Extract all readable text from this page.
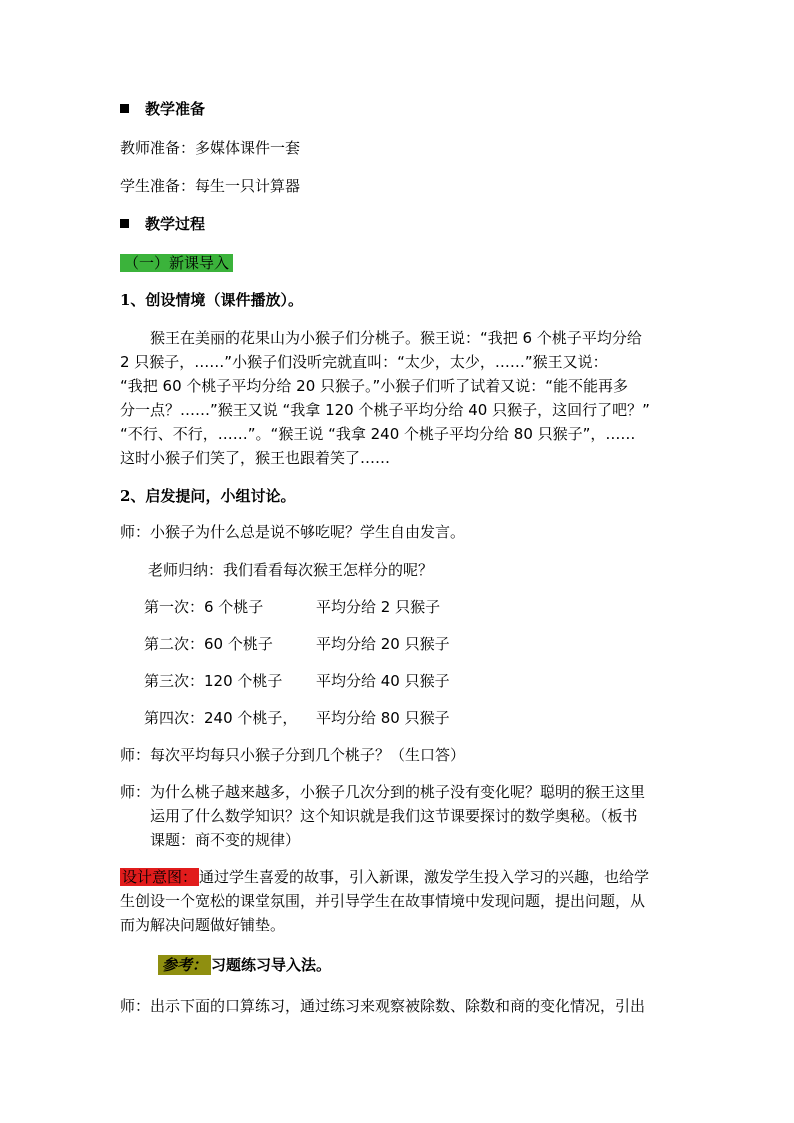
教学准备
教师准备：多媒体课件一套
学生准备：每生一只计算器
教学过程
（一）新课导入
1、创设情境（课件播放）。
猴王在美丽的花果山为小猴子们分桃子。猴王说：“我把 6 个桃子平均分给
2 只猴子，……”小猴子们没听完就直叫：“太少，太少，……”猴王又说：
“我把 60 个桃子平均分给 20 只猴子。”小猴子们听了试着又说：“能不能再多
分一点？……”猴王又说 “我拿 120 个桃子平均分给 40 只猴子，这回行了吧？”
“不行、不行，……”。“猴王说 “我拿 240 个桃子平均分给 80 只猴子”，……
这时小猴子们笑了，猴王也跟着笑了……
2、启发提问，小组讨论。
师：小猴子为什么总是说不够吃呢？学生自由发言。
老师归纳：我们看看每次猴王怎样分的呢？
第一次：6 个桃子	平均分给 2 只猴子
第二次：60 个桃子	平均分给 20 只猴子
第三次：120 个桃子 平均分给 40 只猴子
第四次：240 个桃子， 平均分给 80 只猴子
师：每次平均每只小猴子分到几个桃子？（生口答）
师：为什么桃子越来越多，小猴子几次分到的桃子没有变化呢？聪明的猴王这里
运用了什么数学知识？这个知识就是我们这节课要探讨的数学奥秘。（板书
课题：商不变的规律）
设计意图： 通过学生喜爱的故事，引入新课，激发学生投入学习的兴趣，也给学
生创设一个宽松的课堂氛围，并引导学生在故事情境中发现问题，提出问题，从
而为解决问题做好铺垫。
参考： 习题练习导入法。
师：出示下面的口算练习，通过练习来观察被除数、除数和商的变化情况，引出
